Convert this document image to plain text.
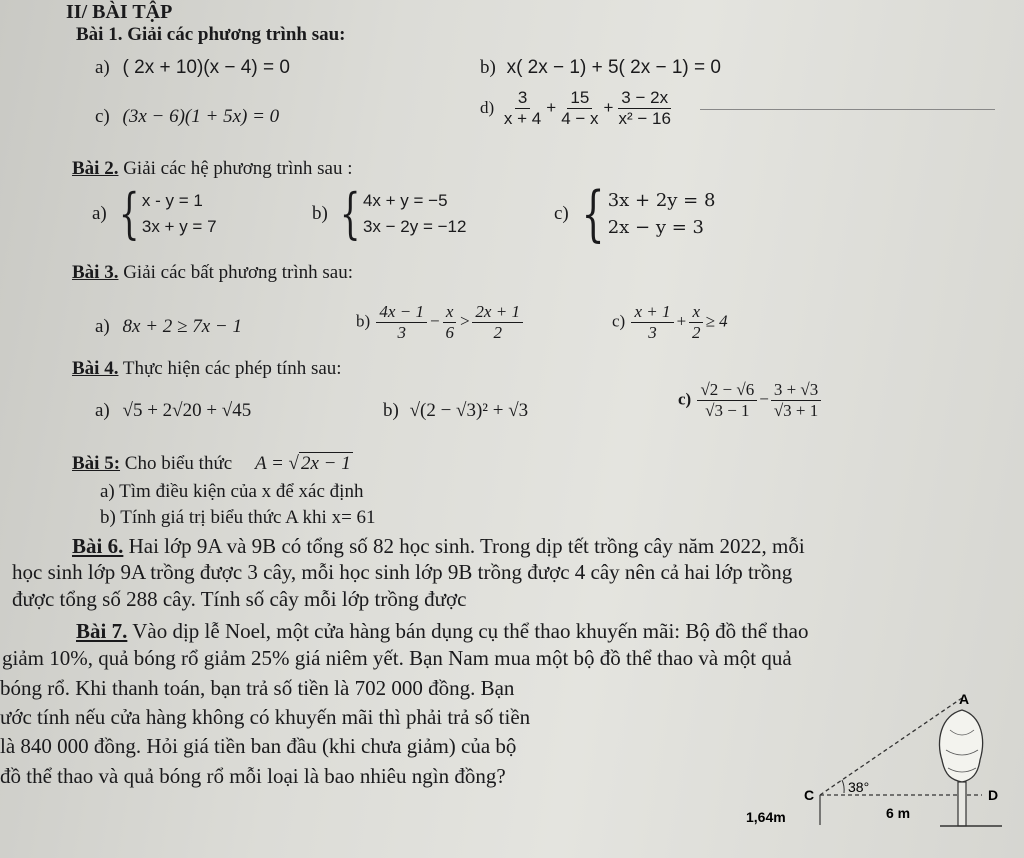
II/ BÀI TẬP
Bài 1. Giải các phương trình sau:
a) ( 2x + 10)(x − 4) = 0	b) x( 2x − 1) + 5( 2x − 1) = 0
c) (3x − 6)(1 + 5x) = 0	$d) \frac{3}{x + 4} + \frac{15}{4 - x} + \frac{3 - 2x}{\text{x² − 16}}$
Bài 2. Giải các hệ phương trình sau :
a) { x - y = 1
3x + y = 7
b) { 4x + y = −5
3x − 2y = −12
c) { 3x + 2y = 8
2x − y = 3
Bài 3. Giải các bất phương trình sau:
a) 8x + 2 ≥ 7x − 1	$b) \frac{4x - 1}{3} - \frac{x}{6} > \frac{2x + 1}{2}$	$c) \frac{x + 1}{3} + \frac{x}{2} \ge 4$
Bài 4. Thực hiện các phép tính sau:
a) √5 + 2√20 + √45	b) √(2 − √3)² + √3
$c) \frac{√2 - √6}{√3 - 1} - \frac{3 + √3}{√3 + 1}$
Bài 5: Cho biểu thức A = √ 2x − 1
a) Tìm điều kiện của x để xác định
b) Tính giá trị biểu thức A khi x= 61
Bài 6. Hai lớp 9A và 9B có tổng số 82 học sinh. Trong dịp tết trồng cây năm 2022, mỗi
học sinh lớp 9A trồng được 3 cây, mỗi học sinh lớp 9B trồng được 4 cây nên cả hai lớp trồng
được tổng số 288 cây. Tính số cây mỗi lớp trồng được
Bài 7. Vào dịp lễ Noel, một cửa hàng bán dụng cụ thể thao khuyến mãi: Bộ đồ thể thao
giảm 10%, quả bóng rổ giảm 25% giá niêm yết. Bạn Nam mua một bộ đồ thể thao và một quả
bóng rổ. Khi thanh toán, bạn trả số tiền là 702 000 đồng. Bạn
ước tính nếu cửa hàng không có khuyến mãi thì phải trả số tiền
là 840 000 đồng. Hỏi giá tiền ban đầu (khi chưa giảm) của bộ
đồ thể thao và quả bóng rổ mỗi loại là bao nhiêu ngìn đồng?
A
C	D
38°
6 m
1,64m
